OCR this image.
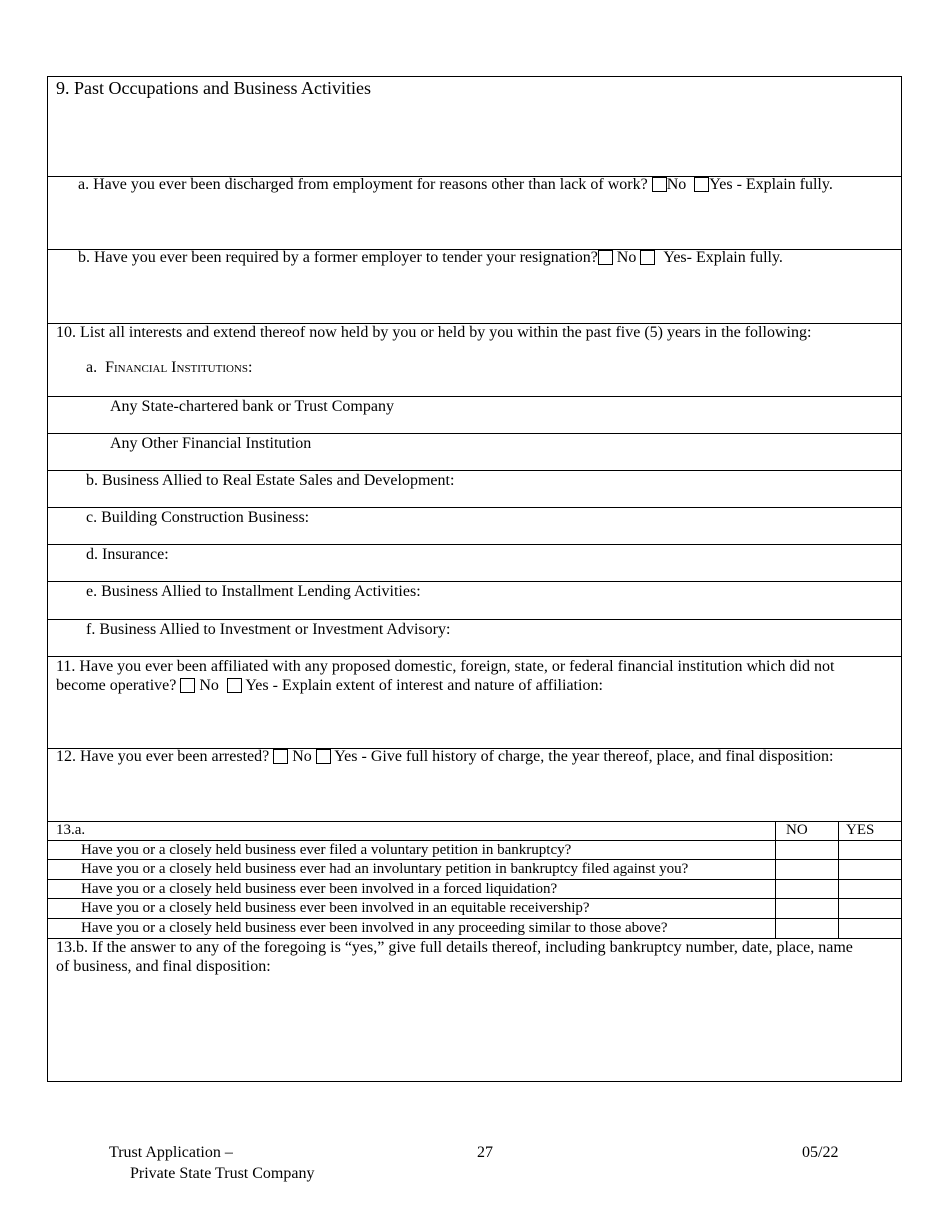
9. Past Occupations and Business Activities
a. Have you ever been discharged from employment for reasons other than lack of work? No Yes - Explain fully.
b. Have you ever been required by a former employer to tender your resignation? No Yes- Explain fully.
10. List all interests and extend thereof now held by you or held by you within the past five (5) years in the following:
a. Financial Institutions:
Any State-chartered bank or Trust Company
Any Other Financial Institution
b. Business Allied to Real Estate Sales and Development:
c. Building Construction Business:
d. Insurance:
e. Business Allied to Installment Lending Activities:
f. Business Allied to Investment or Investment Advisory:
11. Have you ever been affiliated with any proposed domestic, foreign, state, or federal financial institution which did not
become operative? No Yes - Explain extent of interest and nature of affiliation:
12. Have you ever been arrested? No Yes - Give full history of charge, the year thereof, place, and final disposition:
13.a.	NO	YES
Have you or a closely held business ever filed a voluntary petition in bankruptcy?
Have you or a closely held business ever had an involuntary petition in bankruptcy filed against you?
Have you or a closely held business ever been involved in a forced liquidation?
Have you or a closely held business ever been involved in an equitable receivership?
Have you or a closely held business ever been involved in any proceeding similar to those above?
13.b. If the answer to any of the foregoing is “yes,” give full details thereof, including bankruptcy number, date, place, name
of business, and final disposition:
Trust Application –
Private State Trust Company
27	05/22
